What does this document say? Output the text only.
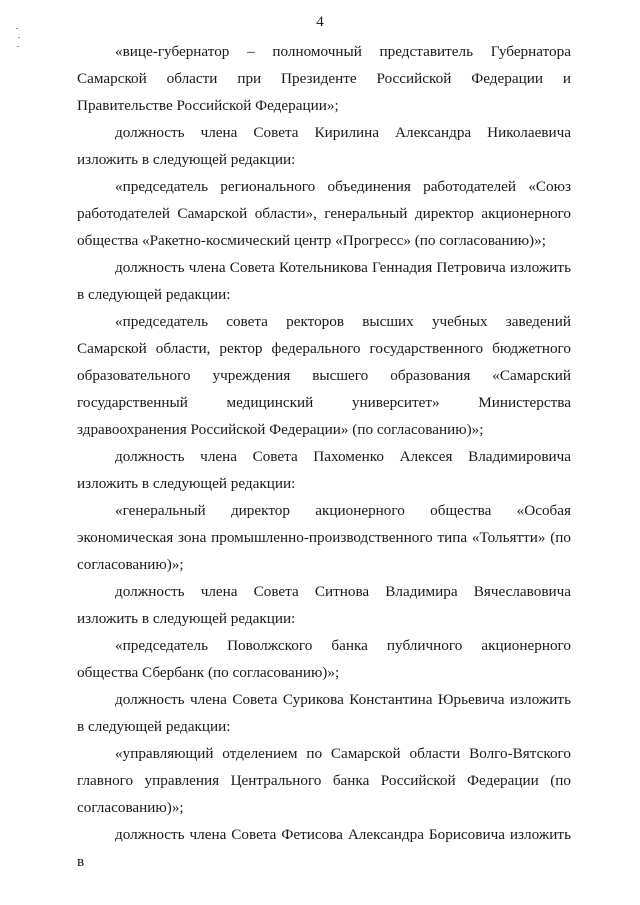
4

«вице-губернатор – полномочный представитель Губернатора Самарской области при Президенте Российской Федерации и Правительстве Российской Федерации»;

должность члена Совета Кирилина Александра Николаевича изложить в следующей редакции:

«председатель регионального объединения работодателей «Союз работодателей Самарской области», генеральный директор акционерного общества «Ракетно-космический центр «Прогресс» (по согласованию)»;

должность члена Совета Котельникова Геннадия Петровича изложить в следующей редакции:

«председатель совета ректоров высших учебных заведений Самарской области, ректор федерального государственного бюджетного образовательного учреждения высшего образования «Самарский государственный медицинский университет» Министерства здравоохранения Российской Федерации» (по согласованию)»;

должность члена Совета Пахоменко Алексея Владимировича изложить в следующей редакции:

«генеральный директор акционерного общества «Особая экономическая зона промышленно-производственного типа «Тольятти» (по согласованию)»;

должность члена Совета Ситнова Владимира Вячеславовича изложить в следующей редакции:

«председатель Поволжского банка публичного акционерного общества Сбербанк (по согласованию)»;

должность члена Совета Сурикова Константина Юрьевича изложить в следующей редакции:

«управляющий отделением по Самарской области Волго-Вятского главного управления Центрального банка Российской Федерации (по согласованию)»;

должность члена Совета Фетисова Александра Борисовича изложить в
